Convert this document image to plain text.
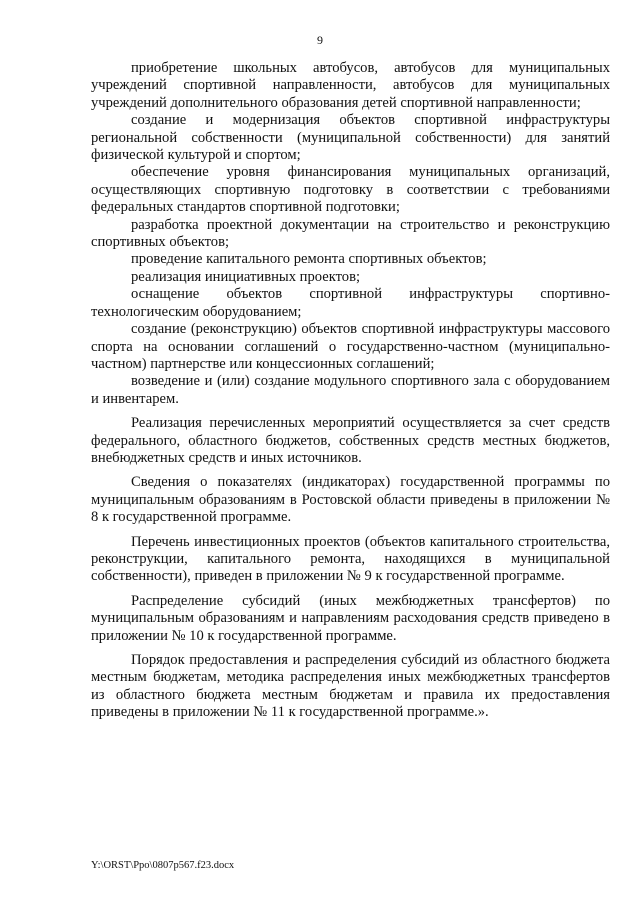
9

приобретение школьных автобусов, автобусов для муниципальных учреждений спортивной направленности, автобусов для муниципальных учреждений дополнительного образования детей спортивной направленности;

создание и модернизация объектов спортивной инфраструктуры региональной собственности (муниципальной собственности) для занятий физической культурой и спортом;

обеспечение уровня финансирования муниципальных организаций, осуществляющих спортивную подготовку в соответствии с требованиями федеральных стандартов спортивной подготовки;

разработка проектной документации на строительство и реконструкцию спортивных объектов;

проведение капитального ремонта спортивных объектов;

реализация инициативных проектов;

оснащение объектов спортивной инфраструктуры спортивно-технологическим оборудованием;

создание (реконструкцию) объектов спортивной инфраструктуры массового спорта на основании соглашений о государственно-частном (муниципально-частном) партнерстве или концессионных соглашений;

возведение и (или) создание модульного спортивного зала с оборудованием и инвентарем.

Реализация перечисленных мероприятий осуществляется за счет средств федерального, областного бюджетов, собственных средств местных бюджетов, внебюджетных средств и иных источников.

Сведения о показателях (индикаторах) государственной программы по муниципальным образованиям в Ростовской области приведены в приложении № 8 к государственной программе.

Перечень инвестиционных проектов (объектов капитального строительства, реконструкции, капитального ремонта, находящихся в муниципальной собственности), приведен в приложении № 9 к государственной программе.

Распределение субсидий (иных межбюджетных трансфертов) по муниципальным образованиям и направлениям расходования средств приведено в приложении № 10 к государственной программе.

Порядок предоставления и распределения субсидий из областного бюджета местным бюджетам, методика распределения иных межбюджетных трансфертов из областного бюджета местным бюджетам и правила их предоставления приведены в приложении № 11 к государственной программе.».

Y:\ORST\Ppo\0807p567.f23.docx
